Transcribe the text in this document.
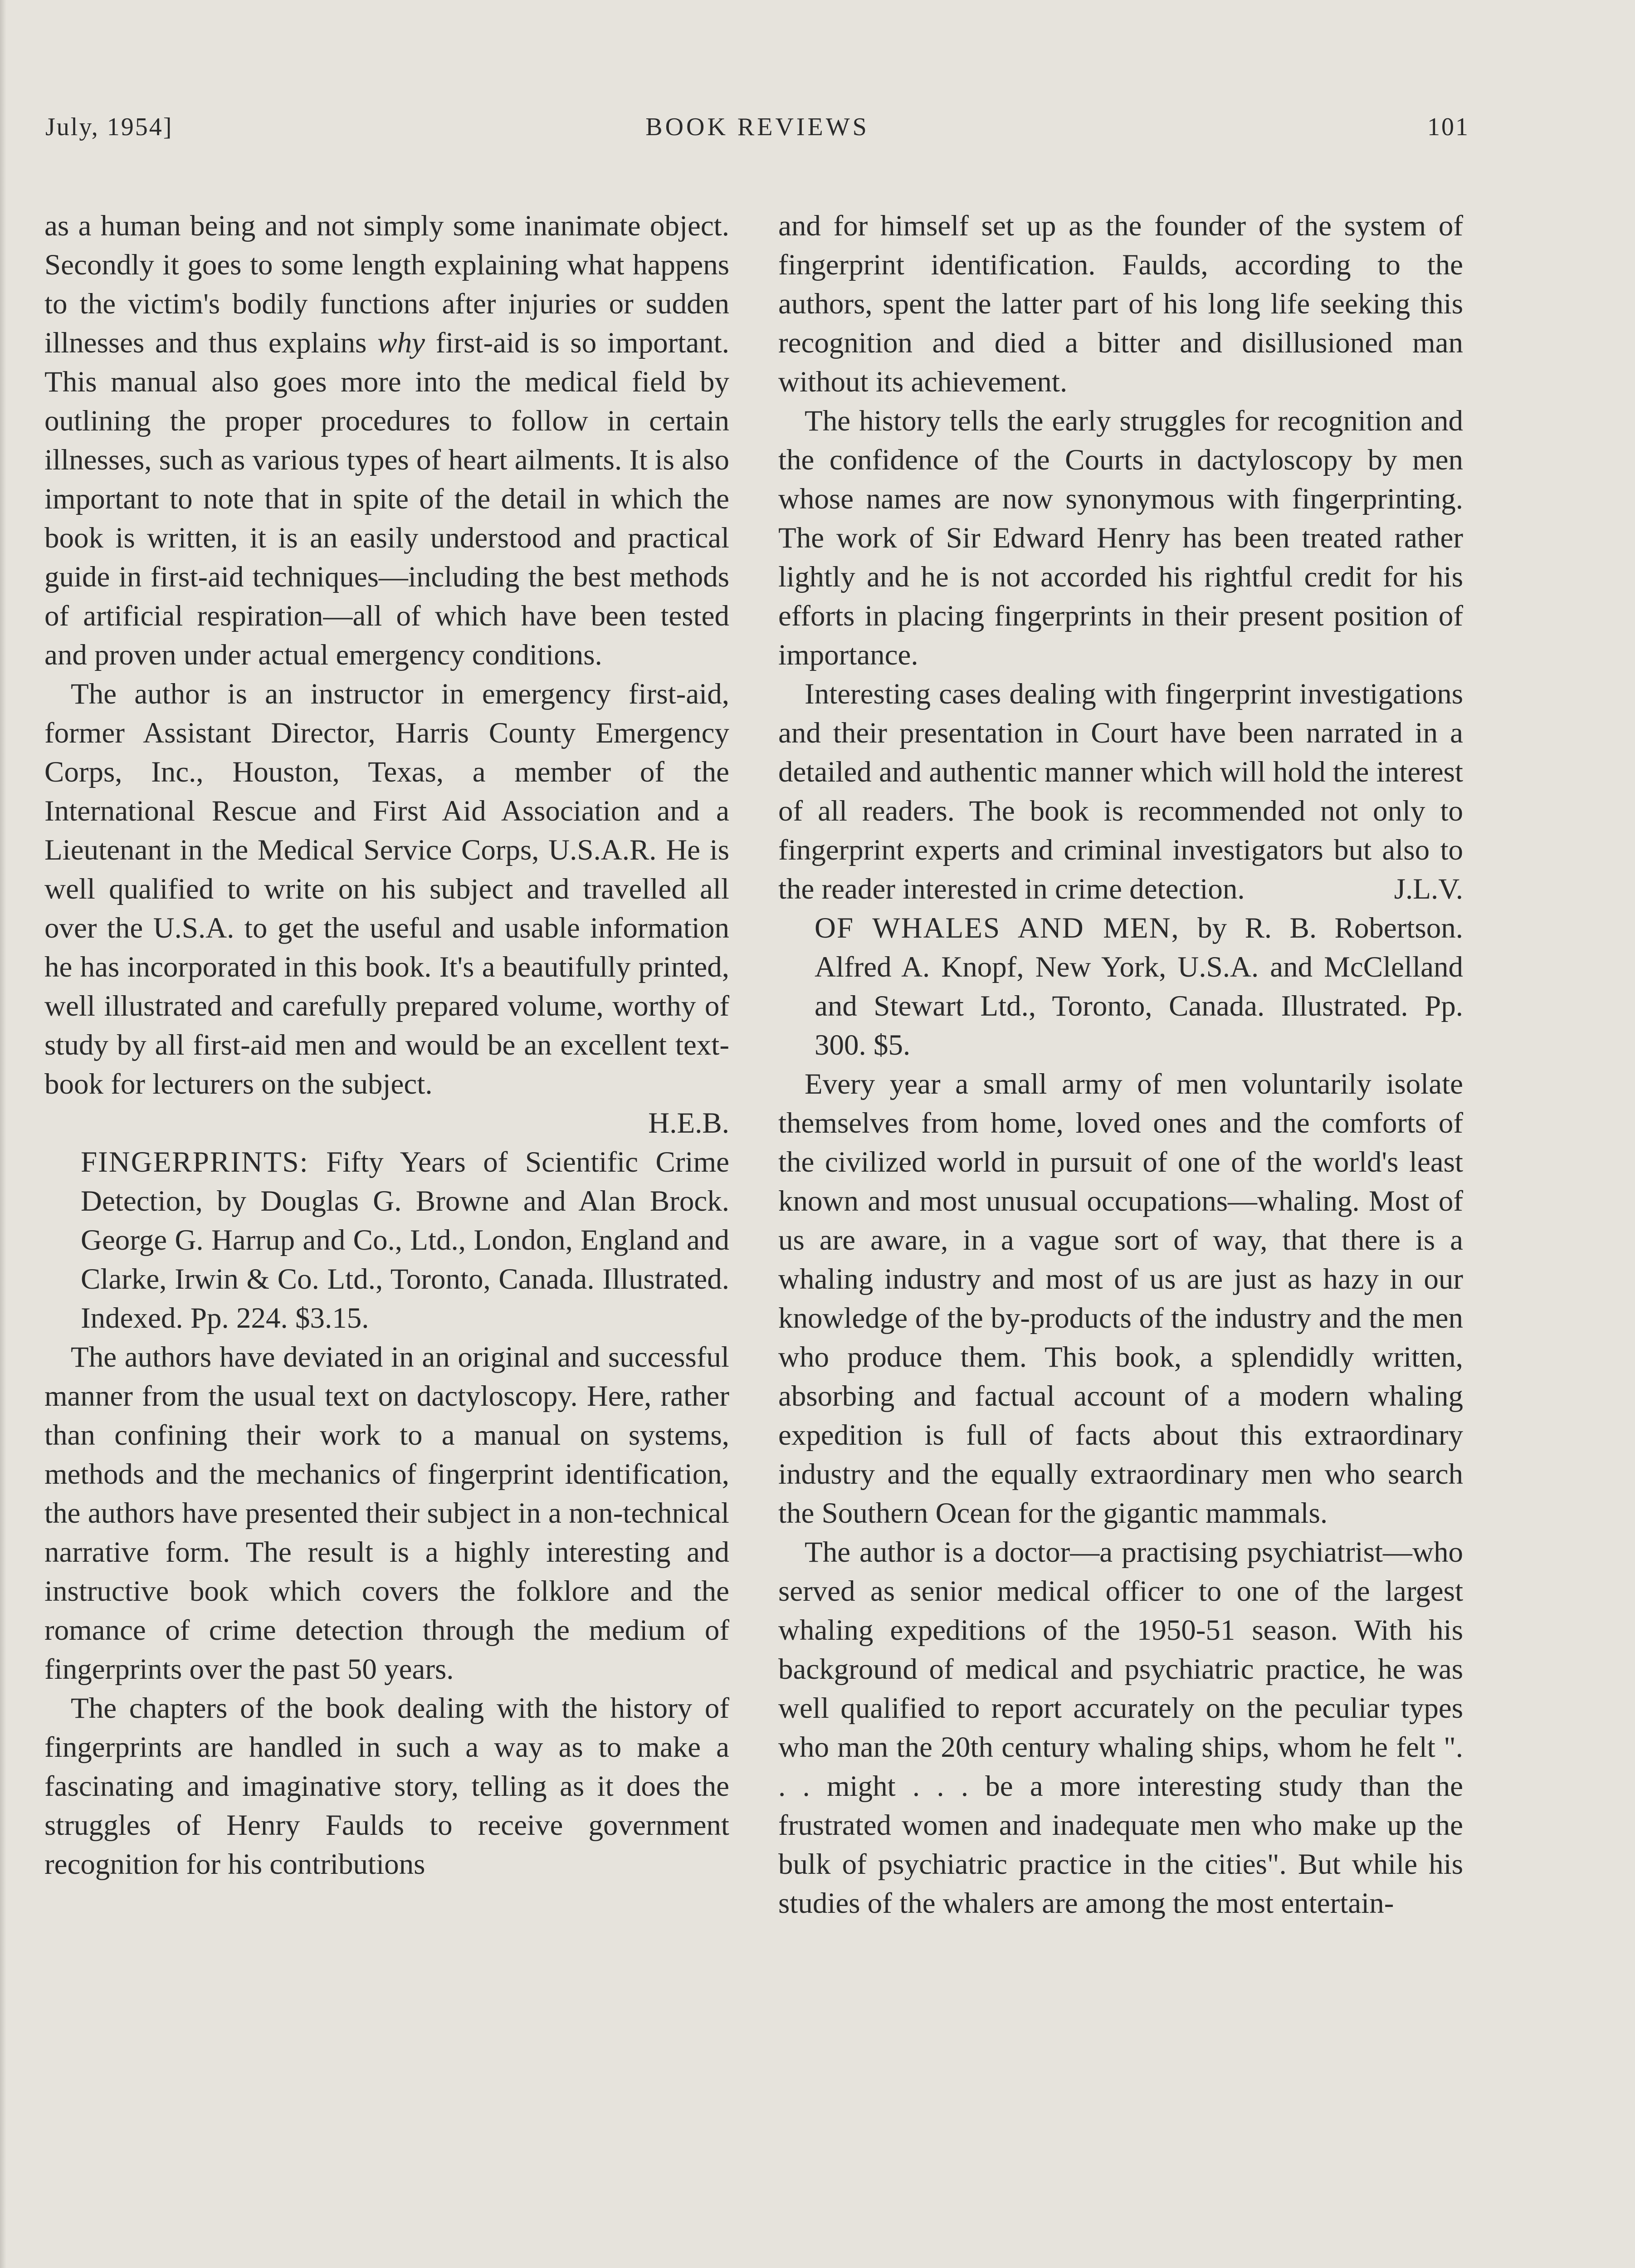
July, 1954]	BOOK REVIEWS	101

as a human being and not simply some inanimate object. Secondly it goes to some length explaining what happens to the victim's bodily functions after injuries or sudden illnesses and thus explains why first-aid is so important. This manual also goes more into the medical field by outlining the proper procedures to follow in certain illnesses, such as various types of heart ailments. It is also important to note that in spite of the detail in which the book is written, it is an easily understood and practical guide in first-aid techniques—including the best methods of artificial respiration—all of which have been tested and proven under actual emergency conditions.

The author is an instructor in emergency first-aid, former Assistant Director, Harris County Emergency Corps, Inc., Houston, Texas, a member of the International Rescue and First Aid Association and a Lieutenant in the Medical Service Corps, U.S.A.R. He is well qualified to write on his subject and travelled all over the U.S.A. to get the useful and usable information he has incorporated in this book. It's a beautifully printed, well illustrated and carefully prepared volume, worthy of study by all first-aid men and would be an excellent text-book for lecturers on the subject.

H.E.B.

FINGERPRINTS: Fifty Years of Scientific Crime Detection, by Douglas G. Browne and Alan Brock. George G. Harrup and Co., Ltd., London, England and Clarke, Irwin & Co. Ltd., Toronto, Canada. Illustrated. Indexed. Pp. 224. $3.15.

The authors have deviated in an original and successful manner from the usual text on dactyloscopy. Here, rather than confining their work to a manual on systems, methods and the mechanics of fingerprint identification, the authors have presented their subject in a non-technical narrative form. The result is a highly interesting and instructive book which covers the folklore and the romance of crime detection through the medium of fingerprints over the past 50 years.

The chapters of the book dealing with the history of fingerprints are handled in such a way as to make a fascinating and imaginative story, telling as it does the struggles of Henry Faulds to receive government recognition for his contributions

and for himself set up as the founder of the system of fingerprint identification. Faulds, according to the authors, spent the latter part of his long life seeking this recognition and died a bitter and disillusioned man without its achievement.

The history tells the early struggles for recognition and the confidence of the Courts in dactyloscopy by men whose names are now synonymous with fingerprinting. The work of Sir Edward Henry has been treated rather lightly and he is not accorded his rightful credit for his efforts in placing fingerprints in their present position of importance.

Interesting cases dealing with fingerprint investigations and their presentation in Court have been narrated in a detailed and authentic manner which will hold the interest of all readers. The book is recommended not only to fingerprint experts and criminal investigators but also to the reader interested in crime detection.	J.L.V.

OF WHALES AND MEN, by R. B. Robertson. Alfred A. Knopf, New York, U.S.A. and McClelland and Stewart Ltd., Toronto, Canada. Illustrated. Pp. 300. $5.

Every year a small army of men voluntarily isolate themselves from home, loved ones and the comforts of the civilized world in pursuit of one of the world's least known and most unusual occupations—whaling. Most of us are aware, in a vague sort of way, that there is a whaling industry and most of us are just as hazy in our knowledge of the by-products of the industry and the men who produce them. This book, a splendidly written, absorbing and factual account of a modern whaling expedition is full of facts about this extraordinary industry and the equally extraordinary men who search the Southern Ocean for the gigantic mammals.

The author is a doctor—a practising psychiatrist—who served as senior medical officer to one of the largest whaling expeditions of the 1950-51 season. With his background of medical and psychiatric practice, he was well qualified to report accurately on the peculiar types who man the 20th century whaling ships, whom he felt ". . . might . . . be a more interesting study than the frustrated women and inadequate men who make up the bulk of psychiatric practice in the cities". But while his studies of the whalers are among the most entertain-
